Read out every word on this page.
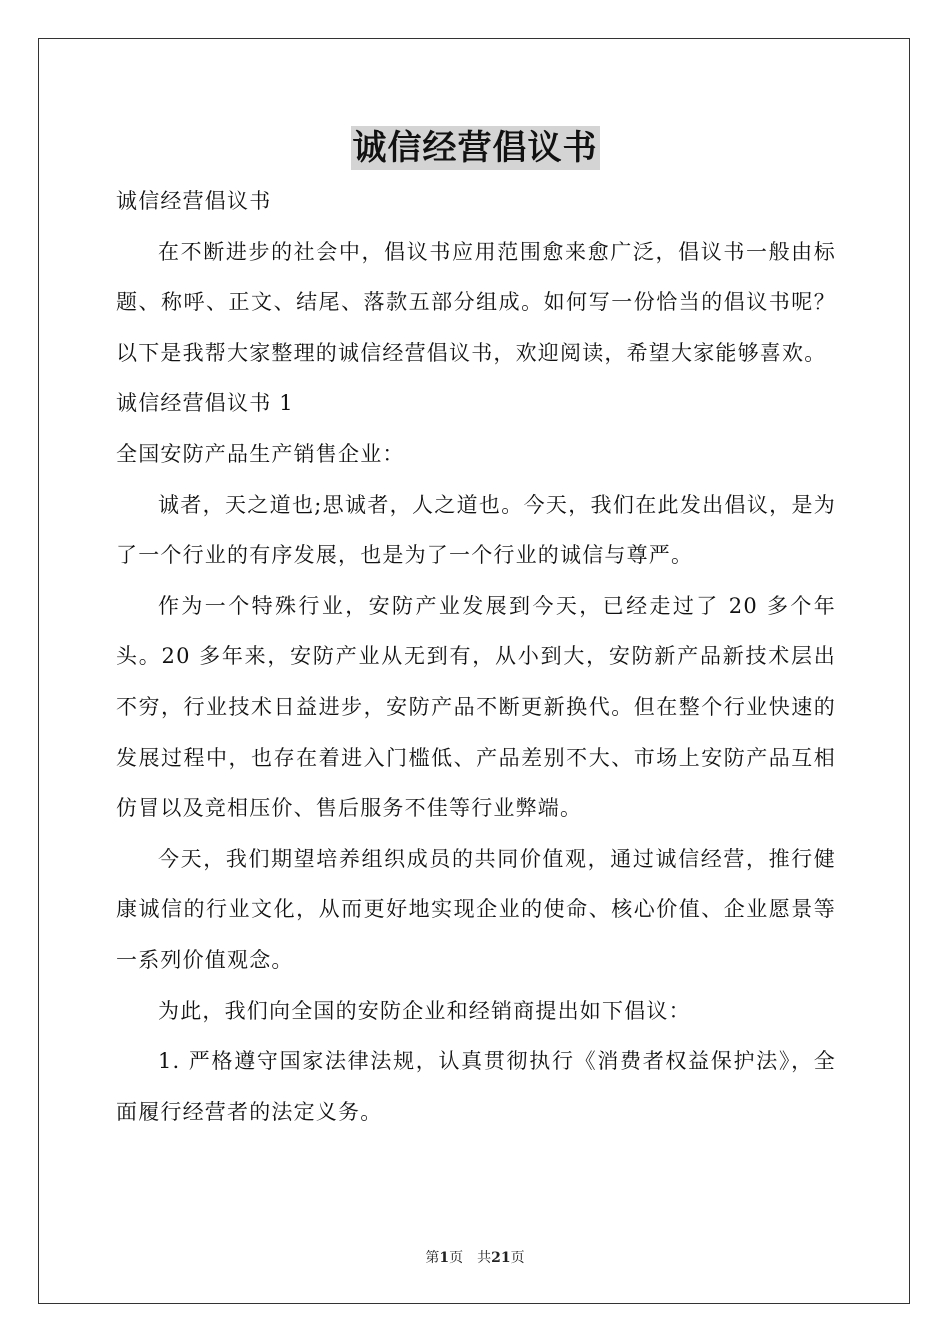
诚信经营倡议书

诚信经营倡议书

在不断进步的社会中，倡议书应用范围愈来愈广泛，倡议书一般由标题、称呼、正文、结尾、落款五部分组成。如何写一份恰当的倡议书呢？以下是我帮大家整理的诚信经营倡议书，欢迎阅读，希望大家能够喜欢。

诚信经营倡议书 1

全国安防产品生产销售企业：

诚者，天之道也;思诚者，人之道也。今天，我们在此发出倡议，是为了一个行业的有序发展，也是为了一个行业的诚信与尊严。

作为一个特殊行业，安防产业发展到今天，已经走过了 20 多个年头。20 多年来，安防产业从无到有，从小到大，安防新产品新技术层出不穷，行业技术日益进步，安防产品不断更新换代。但在整个行业快速的发展过程中，也存在着进入门槛低、产品差别不大、市场上安防产品互相仿冒以及竞相压价、售后服务不佳等行业弊端。

今天，我们期望培养组织成员的共同价值观，通过诚信经营，推行健康诚信的行业文化，从而更好地实现企业的使命、核心价值、企业愿景等一系列价值观念。

为此，我们向全国的安防企业和经销商提出如下倡议：

1. 严格遵守国家法律法规，认真贯彻执行《消费者权益保护法》，全面履行经营者的法定义务。

第1页 共21页
